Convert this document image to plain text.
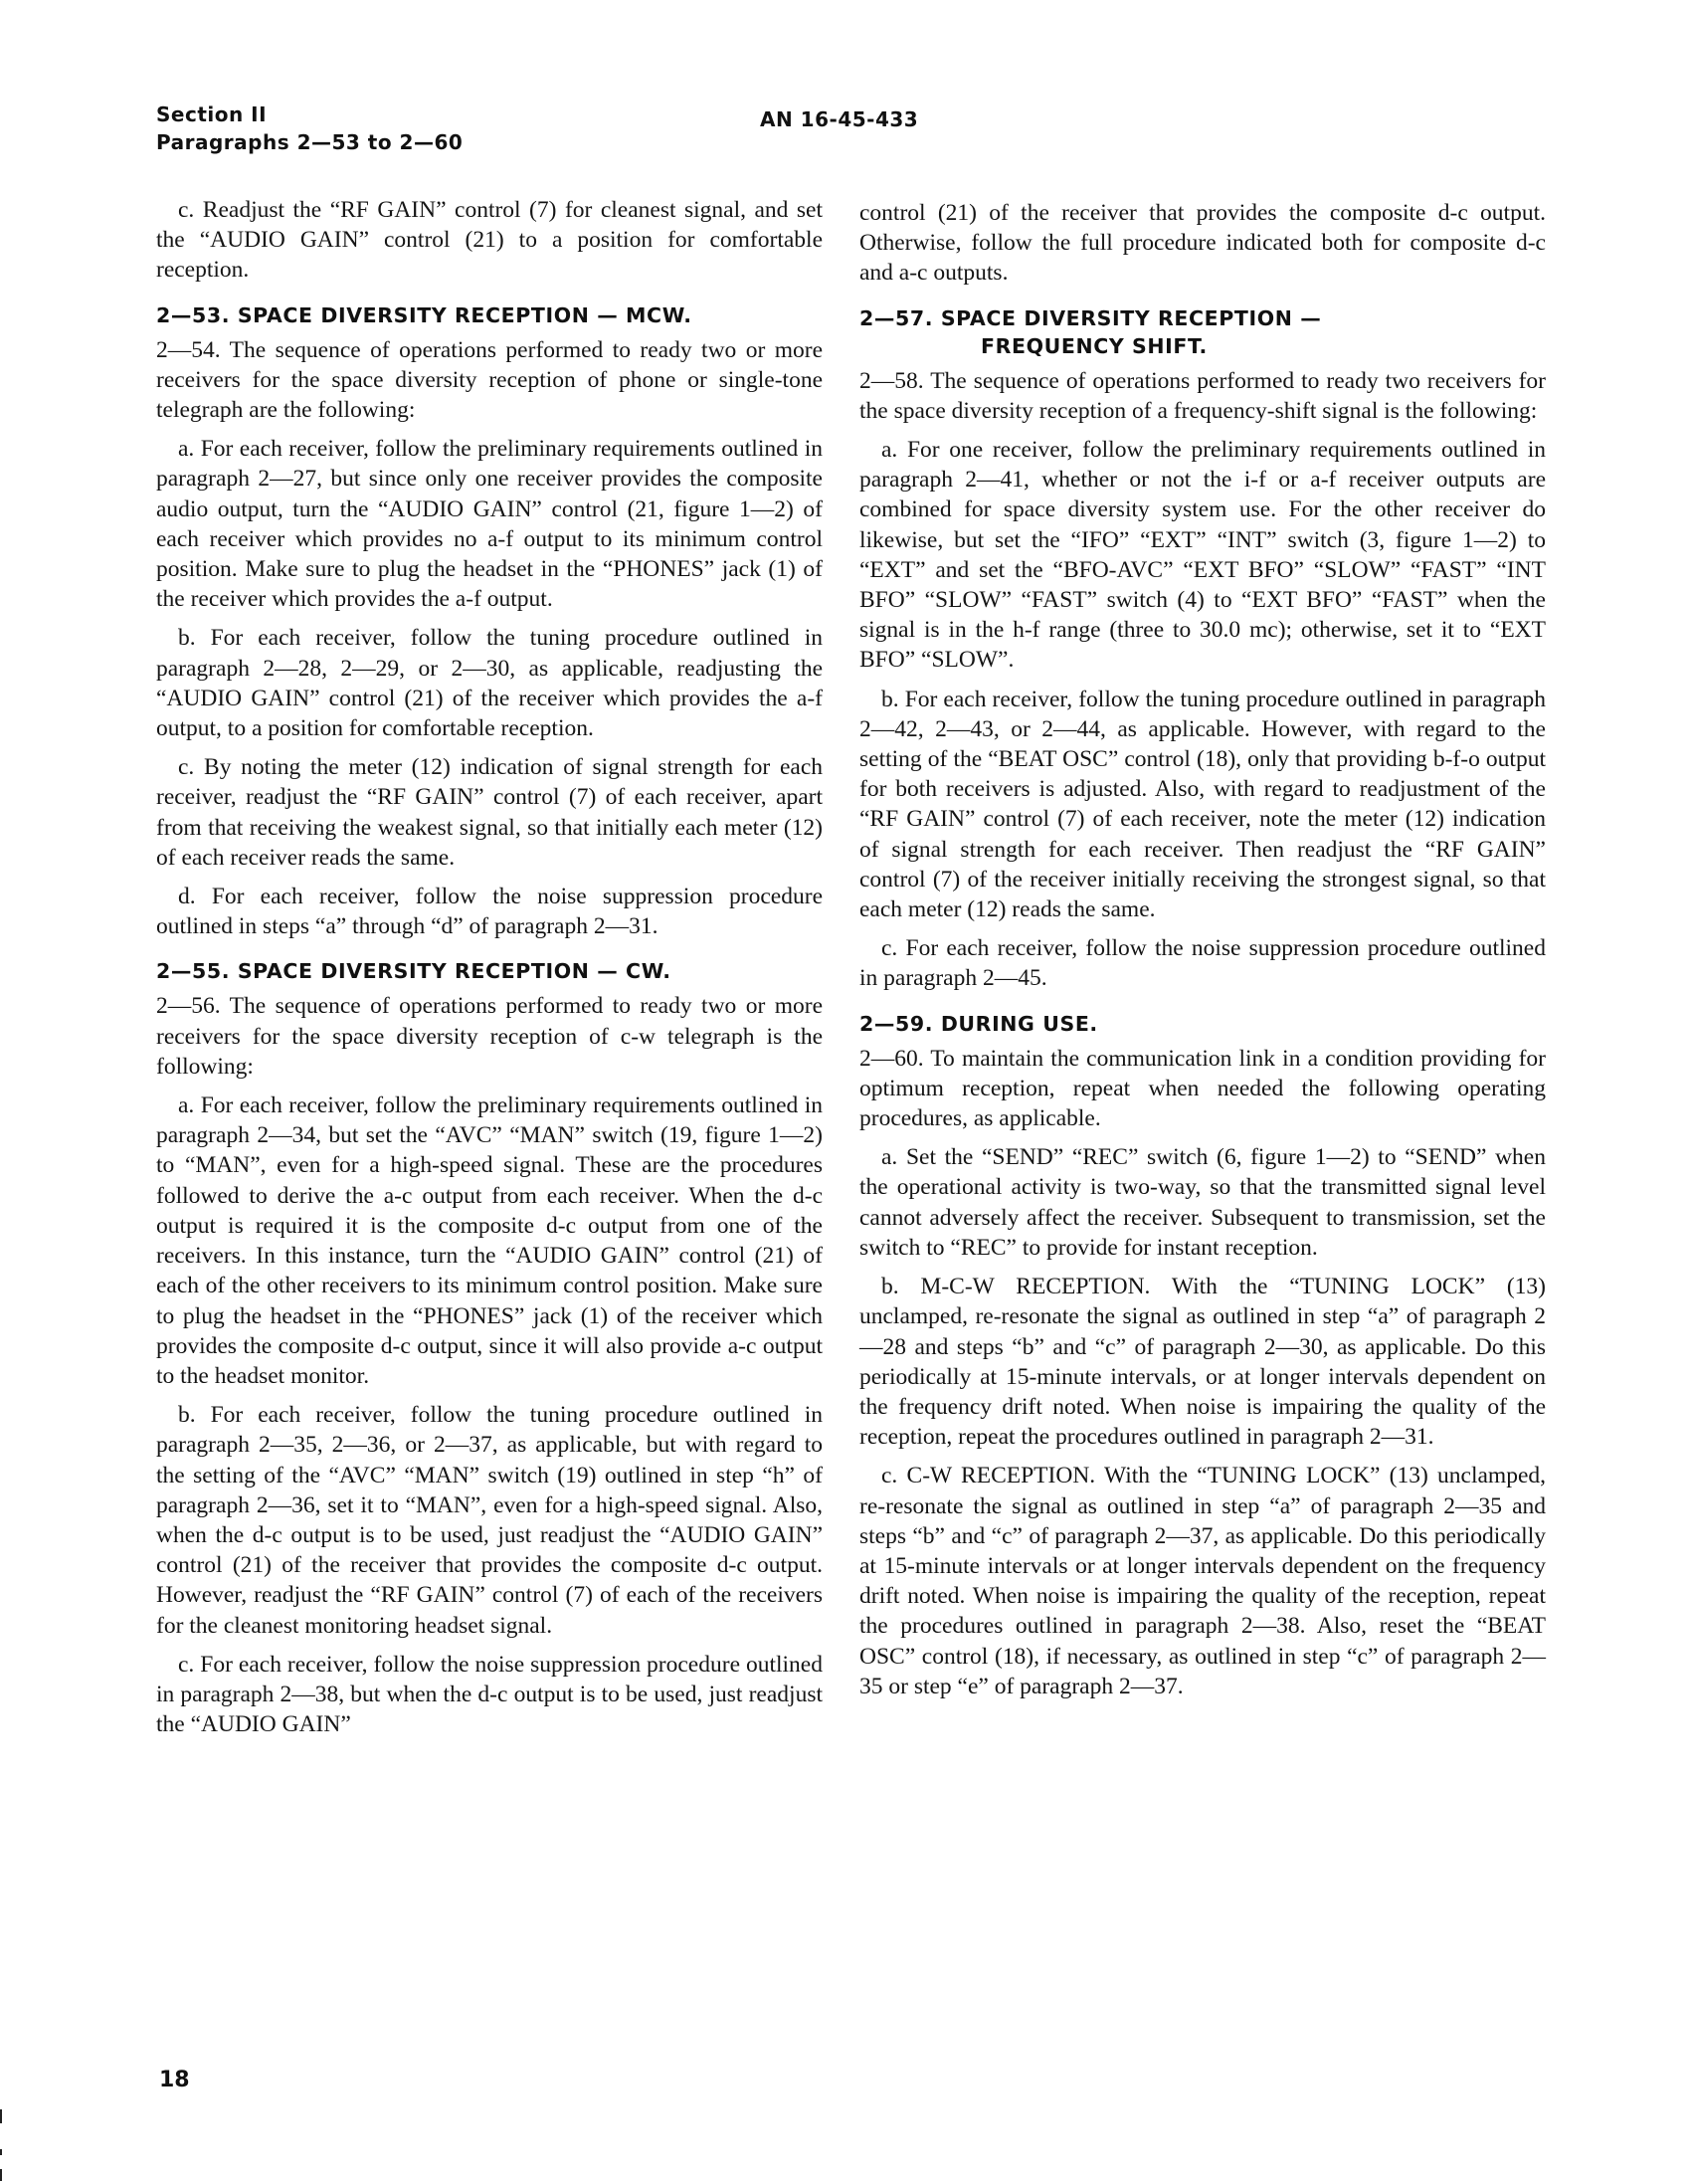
Section II
Paragraphs 2—53 to 2—60
AN 16-45-433

c. Readjust the “RF GAIN” control (7) for cleanest signal, and set the “AUDIO GAIN” control (21) to a position for comfortable reception.

2—53. SPACE DIVERSITY RECEPTION — MCW.

2—54. The sequence of operations performed to ready two or more receivers for the space diversity reception of phone or single-tone telegraph are the following:

a. For each receiver, follow the preliminary requirements outlined in paragraph 2—27, but since only one receiver provides the composite audio output, turn the “AUDIO GAIN” control (21, figure 1—2) of each receiver which provides no a-f output to its minimum control position. Make sure to plug the headset in the “PHONES” jack (1) of the receiver which provides the a-f output.

b. For each receiver, follow the tuning procedure outlined in paragraph 2—28, 2—29, or 2—30, as applicable, readjusting the “AUDIO GAIN” control (21) of the receiver which provides the a-f output, to a position for comfortable reception.

c. By noting the meter (12) indication of signal strength for each receiver, readjust the “RF GAIN” control (7) of each receiver, apart from that receiving the weakest signal, so that initially each meter (12) of each receiver reads the same.

d. For each receiver, follow the noise suppression procedure outlined in steps “a” through “d” of paragraph 2—31.

2—55. SPACE DIVERSITY RECEPTION — CW.

2—56. The sequence of operations performed to ready two or more receivers for the space diversity reception of c-w telegraph is the following:

a. For each receiver, follow the preliminary requirements outlined in paragraph 2—34, but set the “AVC” “MAN” switch (19, figure 1—2) to “MAN”, even for a high-speed signal. These are the procedures followed to derive the a-c output from each receiver. When the d-c output is required it is the composite d-c output from one of the receivers. In this instance, turn the “AUDIO GAIN” control (21) of each of the other receivers to its minimum control position. Make sure to plug the headset in the “PHONES” jack (1) of the receiver which provides the composite d-c output, since it will also provide a-c output to the headset monitor.

b. For each receiver, follow the tuning procedure outlined in paragraph 2—35, 2—36, or 2—37, as applicable, but with regard to the setting of the “AVC” “MAN” switch (19) outlined in step “h” of paragraph 2—36, set it to “MAN”, even for a high-speed signal. Also, when the d-c output is to be used, just readjust the “AUDIO GAIN” control (21) of the receiver that provides the composite d-c output. However, readjust the “RF GAIN” control (7) of each of the receivers for the cleanest monitoring headset signal.

c. For each receiver, follow the noise suppression procedure outlined in paragraph 2—38, but when the d-c output is to be used, just readjust the “AUDIO GAIN”

control (21) of the receiver that provides the composite d-c output. Otherwise, follow the full procedure indicated both for composite d-c and a-c outputs.

2—57. SPACE DIVERSITY RECEPTION —
FREQUENCY SHIFT.

2—58. The sequence of operations performed to ready two receivers for the space diversity reception of a frequency-shift signal is the following:

a. For one receiver, follow the preliminary requirements outlined in paragraph 2—41, whether or not the i-f or a-f receiver outputs are combined for space diversity system use. For the other receiver do likewise, but set the “IFO” “EXT” “INT” switch (3, figure 1—2) to “EXT” and set the “BFO-AVC” “EXT BFO” “SLOW” “FAST” “INT BFO” “SLOW” “FAST” switch (4) to “EXT BFO” “FAST” when the signal is in the h-f range (three to 30.0 mc); otherwise, set it to “EXT BFO” “SLOW”.

b. For each receiver, follow the tuning procedure outlined in paragraph 2—42, 2—43, or 2—44, as applicable. However, with regard to the setting of the “BEAT OSC” control (18), only that providing b-f-o output for both receivers is adjusted. Also, with regard to readjustment of the “RF GAIN” control (7) of each receiver, note the meter (12) indication of signal strength for each receiver. Then readjust the “RF GAIN” control (7) of the receiver initially receiving the strongest signal, so that each meter (12) reads the same.

c. For each receiver, follow the noise suppression procedure outlined in paragraph 2—45.

2—59. DURING USE.

2—60. To maintain the communication link in a condition providing for optimum reception, repeat when needed the following operating procedures, as applicable.

a. Set the “SEND” “REC” switch (6, figure 1—2) to “SEND” when the operational activity is two-way, so that the transmitted signal level cannot adversely affect the receiver. Subsequent to transmission, set the switch to “REC” to provide for instant reception.

b. M-C-W RECEPTION. With the “TUNING LOCK” (13) unclamped, re-resonate the signal as outlined in step “a” of paragraph 2—28 and steps “b” and “c” of paragraph 2—30, as applicable. Do this periodically at 15-minute intervals, or at longer intervals dependent on the frequency drift noted. When noise is impairing the quality of the reception, repeat the procedures outlined in paragraph 2—31.

c. C-W RECEPTION. With the “TUNING LOCK” (13) unclamped, re-resonate the signal as outlined in step “a” of paragraph 2—35 and steps “b” and “c” of paragraph 2—37, as applicable. Do this periodically at 15-minute intervals or at longer intervals dependent on the frequency drift noted. When noise is impairing the quality of the reception, repeat the procedures outlined in paragraph 2—38. Also, reset the “BEAT OSC” control (18), if necessary, as outlined in step “c” of paragraph 2—35 or step “e” of paragraph 2—37.

18
